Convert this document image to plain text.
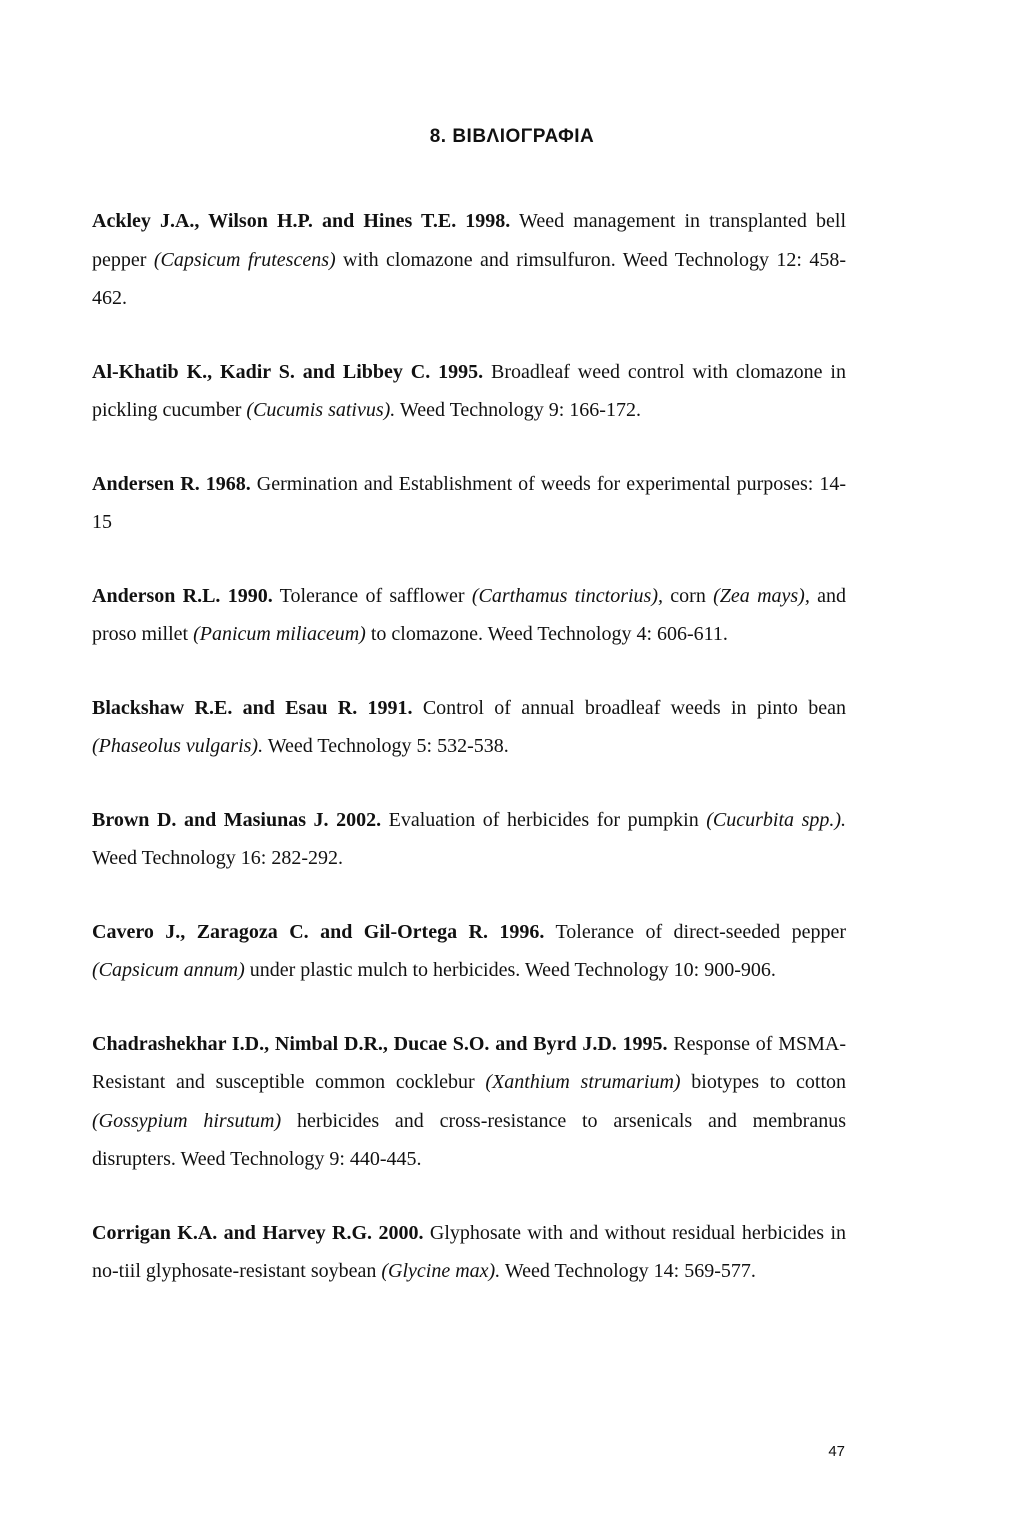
8. ΒΙΒΛΙΟΓΡΑΦΙΑ

Ackley J.A., Wilson H.P. and Hines T.E. 1998. Weed management in transplanted bell pepper (Capsicum frutescens) with clomazone and rimsulfuron. Weed Technology 12: 458-462.

Al-Khatib K., Kadir S. and Libbey C. 1995. Broadleaf weed control with clomazone in pickling cucumber (Cucumis sativus). Weed Technology 9: 166-172.

Andersen R. 1968. Germination and Establishment of weeds for experimental purposes: 14-15

Anderson R.L. 1990. Tolerance of safflower (Carthamus tinctorius), corn (Zea mays), and proso millet (Panicum miliaceum) to clomazone. Weed Technology 4: 606-611.

Blackshaw R.E. and Esau R. 1991. Control of annual broadleaf weeds in pinto bean (Phaseolus vulgaris). Weed Technology 5: 532-538.

Brown D. and Masiunas J. 2002. Evaluation of herbicides for pumpkin (Cucurbita spp.). Weed Technology 16: 282-292.

Cavero J., Zaragoza C. and Gil-Ortega R. 1996. Tolerance of direct-seeded pepper (Capsicum annum) under plastic mulch to herbicides. Weed Technology 10: 900-906.

Chadrashekhar I.D., Nimbal D.R., Ducae S.O. and Byrd J.D. 1995. Response of MSMA-Resistant and susceptible common cocklebur (Xanthium strumarium) biotypes to cotton (Gossypium hirsutum) herbicides and cross-resistance to arsenicals and membranus disrupters. Weed Technology 9: 440-445.

Corrigan K.A. and Harvey R.G. 2000. Glyphosate with and without residual herbicides in no-tiil glyphosate-resistant soybean (Glycine max). Weed Technology 14: 569-577.

47
